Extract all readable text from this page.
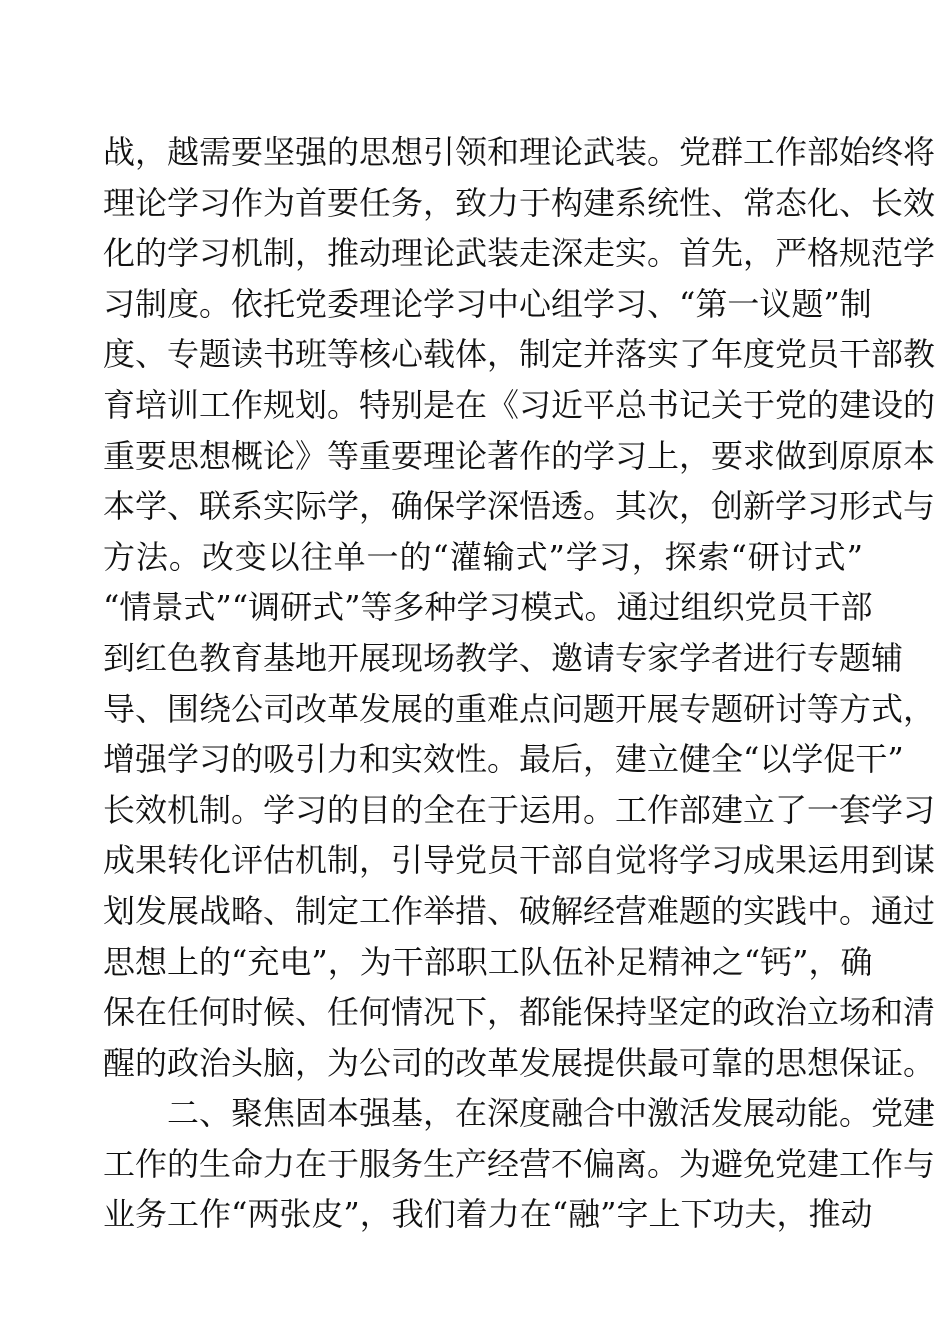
战，越需要坚强的思想引领和理论武装。党群工作部始终将
理论学习作为首要任务，致力于构建系统性、常态化、长效
化的学习机制，推动理论武装走深走实。首先，严格规范学
习制度。依托党委理论学习中心组学习、“第一议题”制
度、专题读书班等核心载体，制定并落实了年度党员干部教
育培训工作规划。特别是在《习近平总书记关于党的建设的
重要思想概论》等重要理论著作的学习上，要求做到原原本
本学、联系实际学，确保学深悟透。其次，创新学习形式与
方法。改变以往单一的“灌输式”学习，探索“研讨式”
“情景式”“调研式”等多种学习模式。通过组织党员干部
到红色教育基地开展现场教学、邀请专家学者进行专题辅
导、围绕公司改革发展的重难点问题开展专题研讨等方式，
增强学习的吸引力和实效性。最后，建立健全“以学促干”
长效机制。学习的目的全在于运用。工作部建立了一套学习
成果转化评估机制，引导党员干部自觉将学习成果运用到谋
划发展战略、制定工作举措、破解经营难题的实践中。通过
思想上的“充电”，为干部职工队伍补足精神之“钙”，确
保在任何时候、任何情况下，都能保持坚定的政治立场和清
醒的政治头脑，为公司的改革发展提供最可靠的思想保证。
　　二、聚焦固本强基，在深度融合中激活发展动能。党建
工作的生命力在于服务生产经营不偏离。为避免党建工作与
业务工作“两张皮”，我们着力在“融”字上下功夫，推动
